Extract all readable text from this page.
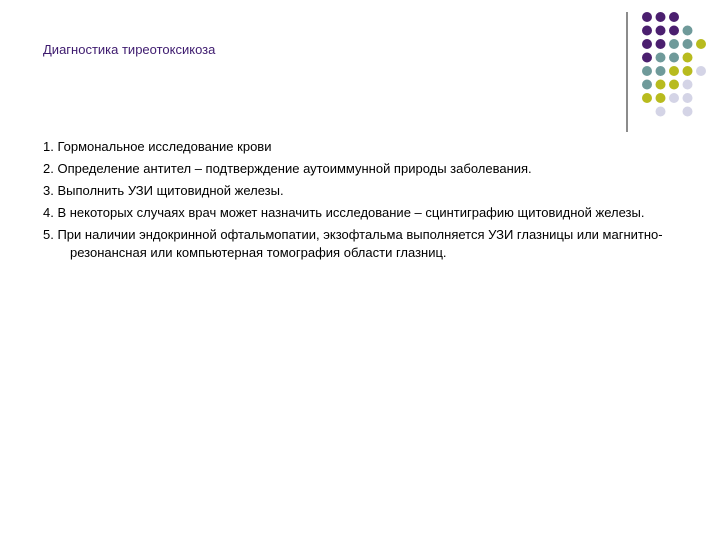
Диагностика тиреотоксикоза

1. Гормональное исследование крови

2. Определение антител – подтверждение аутоиммунной природы заболевания.

3. Выполнить УЗИ щитовидной железы.

4. В некоторых случаях врач может назначить исследование – сцинтиграфию щитовидной железы.

5. При наличии эндокринной офтальмопатии, экзофтальма выполняется УЗИ глазницы или магнитно-резонансная или компьютерная томография области глазниц.
